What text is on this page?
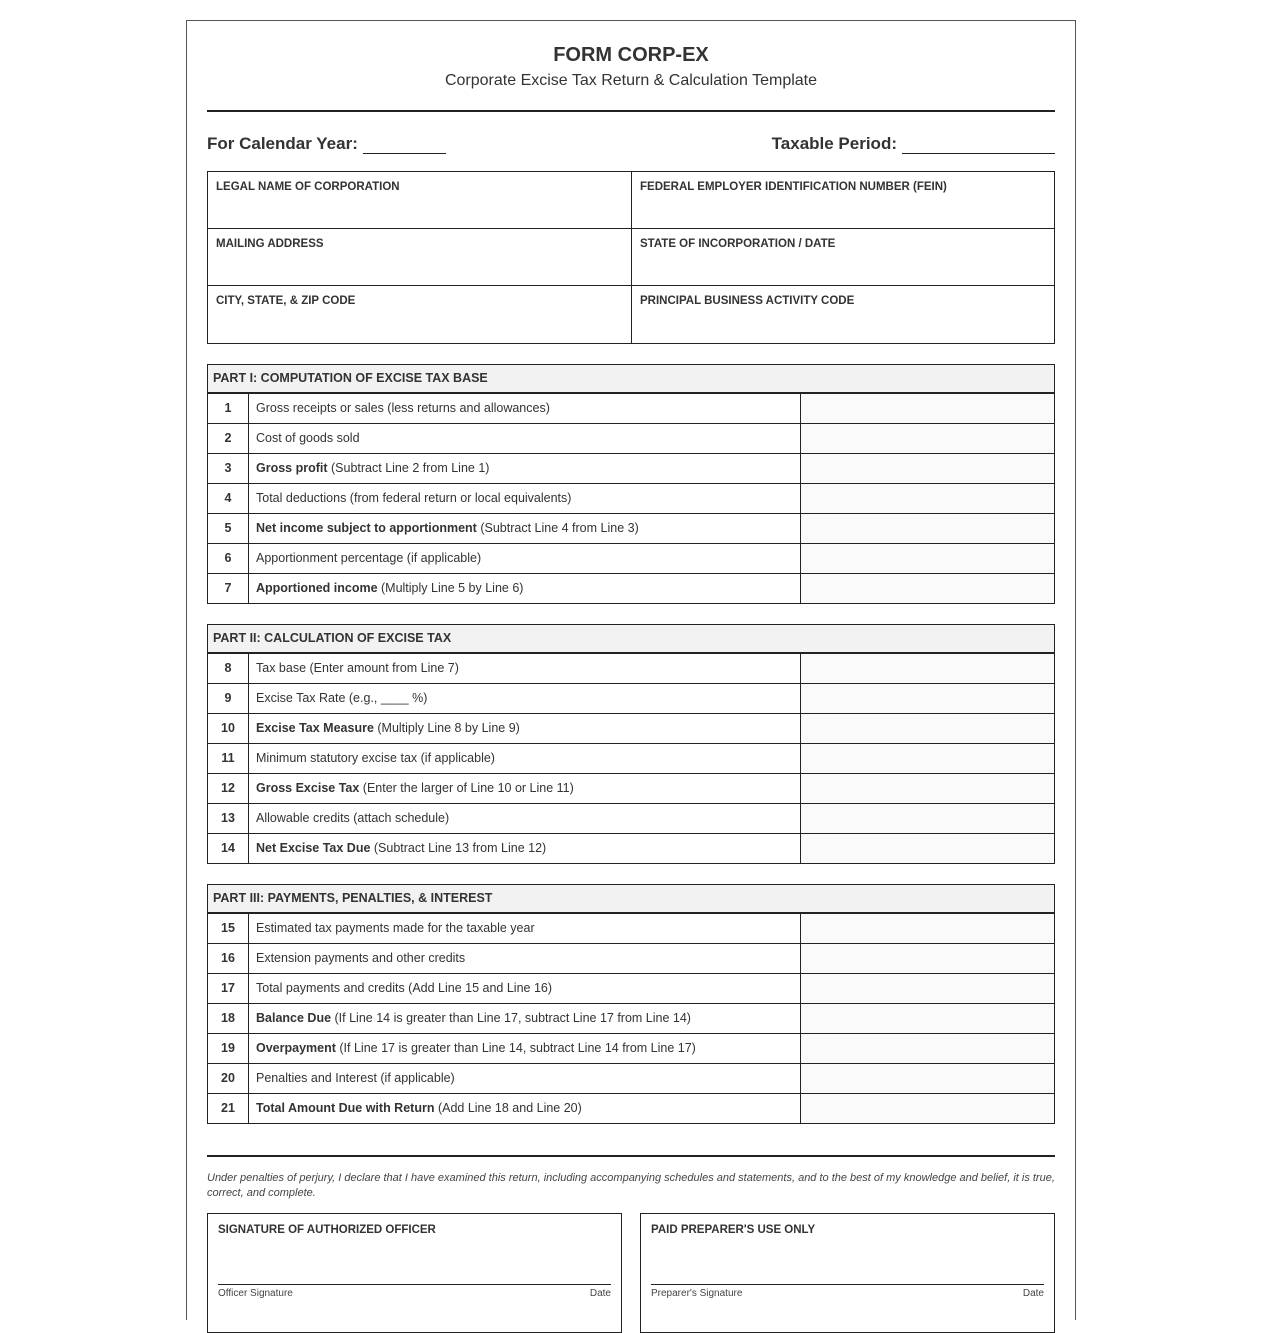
FORM CORP-EX
Corporate Excise Tax Return & Calculation Template
For Calendar Year:	Taxable Period:
LEGAL NAME OF CORPORATION	FEDERAL EMPLOYER IDENTIFICATION NUMBER (FEIN)
MAILING ADDRESS	STATE OF INCORPORATION / DATE
CITY, STATE, & ZIP CODE	PRINCIPAL BUSINESS ACTIVITY CODE
PART I: COMPUTATION OF EXCISE TAX BASE
1	Gross receipts or sales (less returns and allowances)
2	Cost of goods sold
3	Gross profit (Subtract Line 2 from Line 1)
4	Total deductions (from federal return or local equivalents)
5	Net income subject to apportionment (Subtract Line 4 from Line 3)
6	Apportionment percentage (if applicable)
7	Apportioned income (Multiply Line 5 by Line 6)
PART II: CALCULATION OF EXCISE TAX
8	Tax base (Enter amount from Line 7)
9	Excise Tax Rate (e.g., ____ %)
10	Excise Tax Measure (Multiply Line 8 by Line 9)
11	Minimum statutory excise tax (if applicable)
12	Gross Excise Tax (Enter the larger of Line 10 or Line 11)
13	Allowable credits (attach schedule)
14	Net Excise Tax Due (Subtract Line 13 from Line 12)
PART III: PAYMENTS, PENALTIES, & INTEREST
15	Estimated tax payments made for the taxable year
16	Extension payments and other credits
17	Total payments and credits (Add Line 15 and Line 16)
18	Balance Due (If Line 14 is greater than Line 17, subtract Line 17 from Line 14)
19	Overpayment (If Line 17 is greater than Line 14, subtract Line 14 from Line 17)
20	Penalties and Interest (if applicable)
21	Total Amount Due with Return (Add Line 18 and Line 20)
Under penalties of perjury, I declare that I have examined this return, including accompanying schedules and statements, and to the best of my knowledge and belief, it is true, correct, and complete.
SIGNATURE OF AUTHORIZED OFFICER
Officer Signature	Date
PAID PREPARER'S USE ONLY
Preparer's Signature	Date
